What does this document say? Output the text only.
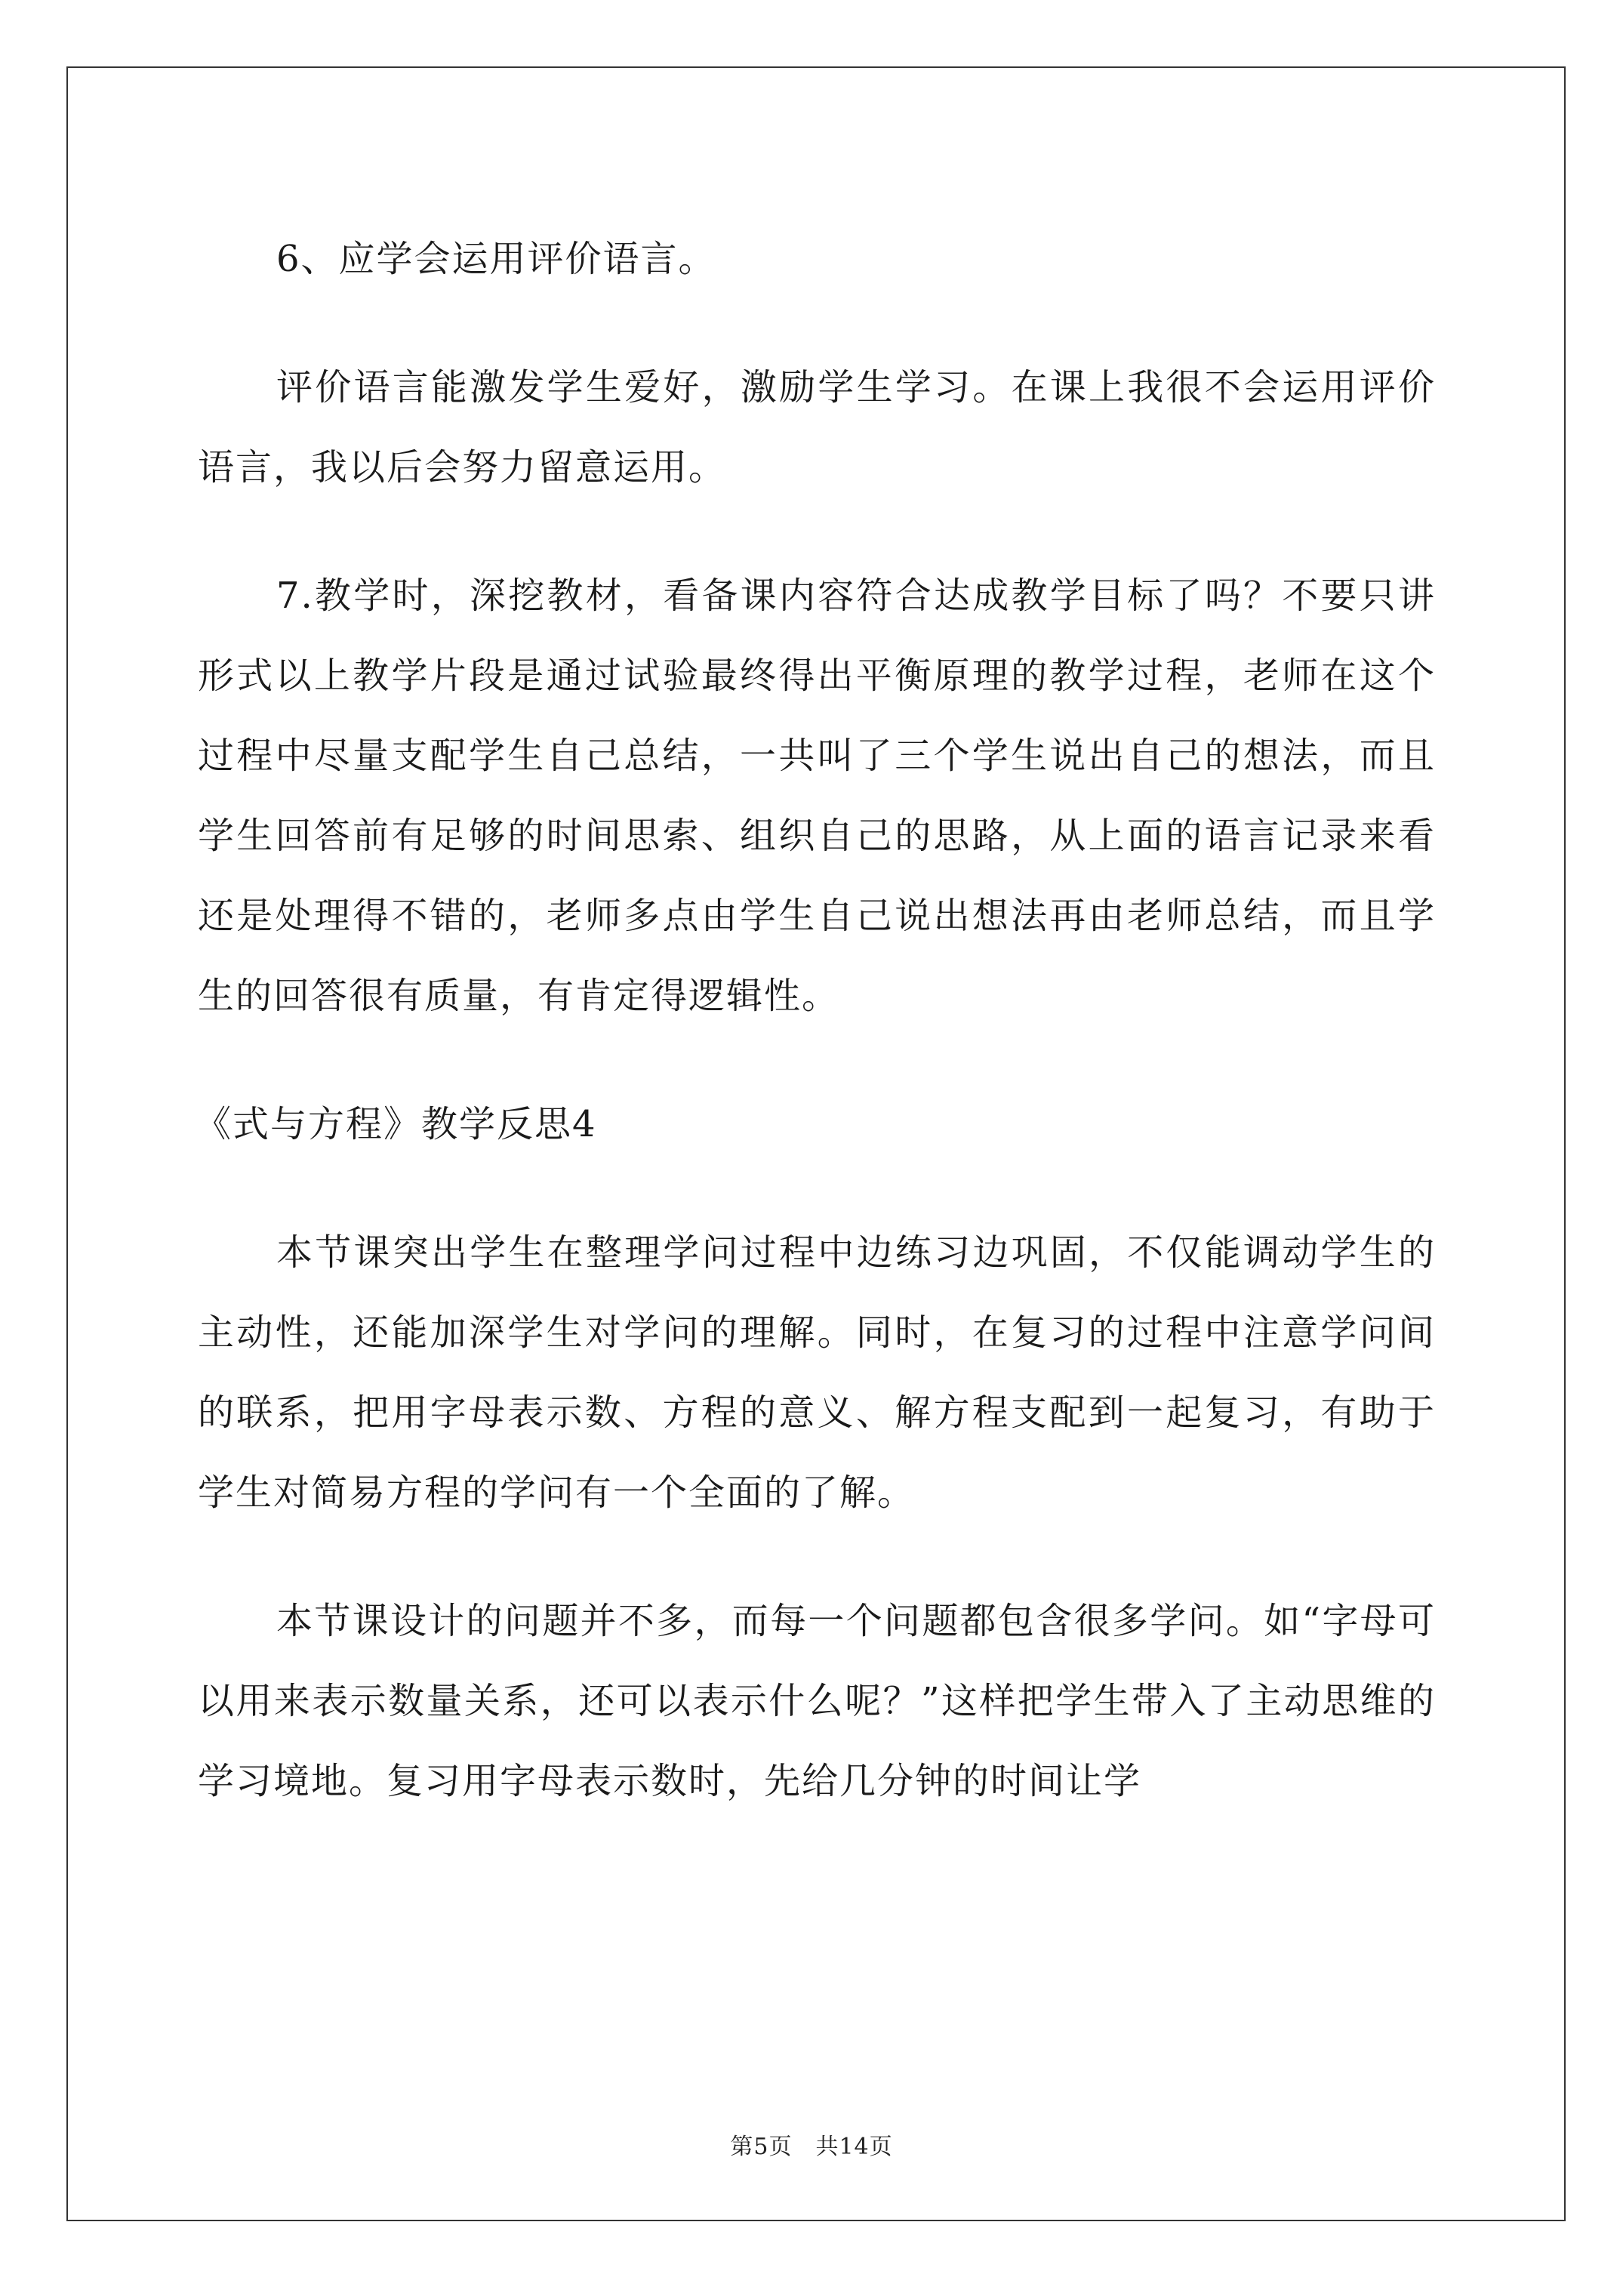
6、应学会运用评价语言。

评价语言能激发学生爱好，激励学生学习。在课上我很不会运用评价语言，我以后会努力留意运用。

7.教学时，深挖教材，看备课内容符合达成教学目标了吗？不要只讲形式以上教学片段是通过试验最终得出平衡原理的教学过程，老师在这个过程中尽量支配学生自己总结，一共叫了三个学生说出自己的想法，而且学生回答前有足够的时间思索、组织自己的思路，从上面的语言记录来看还是处理得不错的，老师多点由学生自己说出想法再由老师总结，而且学生的回答很有质量，有肯定得逻辑性。

《式与方程》教学反思4

本节课突出学生在整理学问过程中边练习边巩固，不仅能调动学生的主动性，还能加深学生对学问的理解。同时，在复习的过程中注意学问间的联系，把用字母表示数、方程的意义、解方程支配到一起复习，有助于学生对简易方程的学问有一个全面的了解。

本节课设计的问题并不多，而每一个问题都包含很多学问。如“字母可以用来表示数量关系，还可以表示什么呢？”这样把学生带入了主动思维的学习境地。复习用字母表示数时，先给几分钟的时间让学

第5页　共14页
